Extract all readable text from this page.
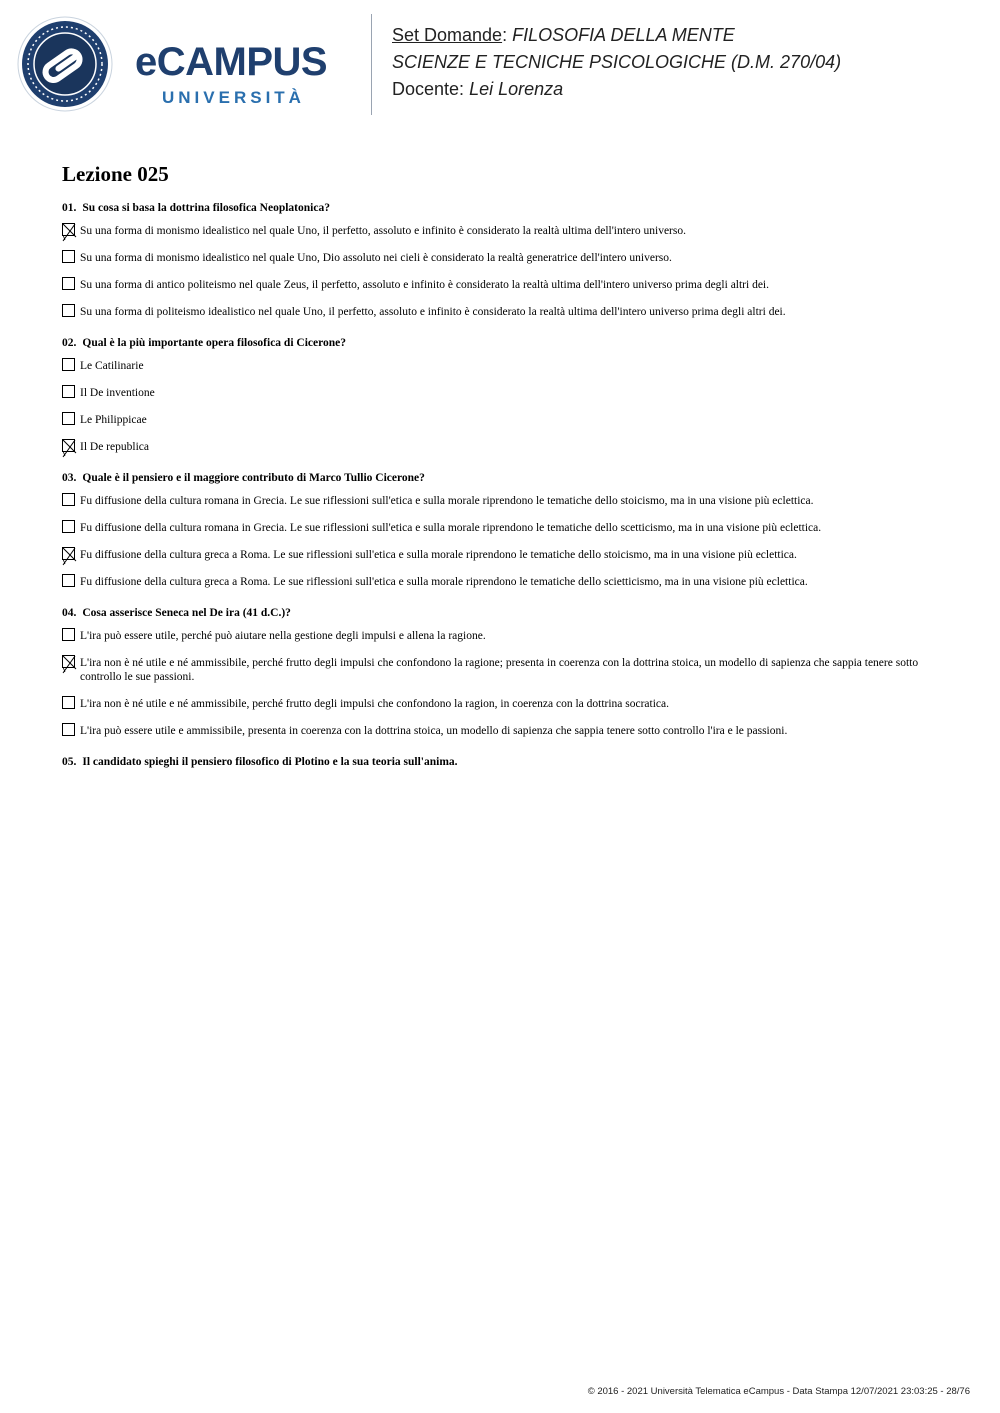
eCAMPUS
UNIVERSITÀ
Set Domande: FILOSOFIA DELLA MENTE
SCIENZE E TECNICHE PSICOLOGICHE (D.M. 270/04)
Docente: Lei Lorenza
Lezione 025
01. Su cosa si basa la dottrina filosofica Neoplatonica?
Su una forma di monismo idealistico nel quale Uno, il perfetto, assoluto e infinito è considerato la realtà ultima dell'intero universo.
Su una forma di monismo idealistico nel quale Uno, Dio assoluto nei cieli è considerato la realtà generatrice dell'intero universo.
Su una forma di antico politeismo nel quale Zeus, il perfetto, assoluto e infinito è considerato la realtà ultima dell'intero universo prima degli altri dei.
Su una forma di politeismo idealistico nel quale Uno, il perfetto, assoluto e infinito è considerato la realtà ultima dell'intero universo prima degli altri dei.
02. Qual è la più importante opera filosofica di Cicerone?
Le Catilinarie
Il De inventione
Le Philippicae
Il De republica
03. Quale è il pensiero e il maggiore contributo di Marco Tullio Cicerone?
Fu diffusione della cultura romana in Grecia. Le sue riflessioni sull'etica e sulla morale riprendono le tematiche dello stoicismo, ma in una visione più eclettica.
Fu diffusione della cultura romana in Grecia. Le sue riflessioni sull'etica e sulla morale riprendono le tematiche dello scetticismo, ma in una visione più eclettica.
Fu diffusione della cultura greca a Roma. Le sue riflessioni sull'etica e sulla morale riprendono le tematiche dello stoicismo, ma in una visione più eclettica.
Fu diffusione della cultura greca a Roma. Le sue riflessioni sull'etica e sulla morale riprendono le tematiche dello scietticismo, ma in una visione più eclettica.
04. Cosa asserisce Seneca nel De ira (41 d.C.)?
L'ira può essere utile, perché può aiutare nella gestione degli impulsi e allena la ragione.
L'ira non è né utile e né ammissibile, perché frutto degli impulsi che confondono la ragione; presenta in coerenza con la dottrina stoica, un modello di sapienza che sappia tenere sotto controllo le sue passioni.
L'ira non è né utile e né ammissibile, perché frutto degli impulsi che confondono la ragion, in coerenza con la dottrina socratica.
L'ira può essere utile e ammissibile, presenta in coerenza con la dottrina stoica, un modello di sapienza che sappia tenere sotto controllo l'ira e le passioni.
05. Il candidato spieghi il pensiero filosofico di Plotino e la sua teoria sull'anima.
© 2016 - 2021 Università Telematica eCampus - Data Stampa 12/07/2021 23:03:25 - 28/76
